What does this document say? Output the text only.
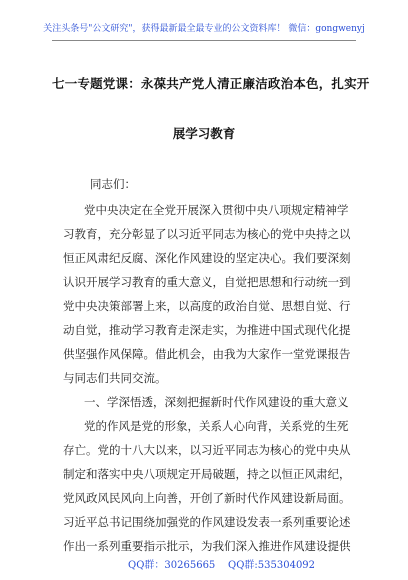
关注头条号"公文研究"，获得最新最全最专业的公文资料库！ 微信：gongwenyj
七一专题党课：永葆共产党人清正廉洁政治本色，扎实开
展学习教育
同志们：
党中央决定在全党开展深入贯彻中央八项规定精神学
习教育，充分彰显了以习近平同志为核心的党中央持之以
恒正风肃纪反腐、深化作风建设的坚定决心。我们要深刻
认识开展学习教育的重大意义，自觉把思想和行动统一到
党中央决策部署上来，以高度的政治自觉、思想自觉、行
动自觉，推动学习教育走深走实，为推进中国式现代化提
供坚强作风保障。借此机会，由我为大家作一堂党课报告
与同志们共同交流。
一、学深悟透，深刻把握新时代作风建设的重大意义
党的作风是党的形象，关系人心向背，关系党的生死
存亡。党的十八大以来，以习近平同志为核心的党中央从
制定和落实中央八项规定开局破题，持之以恒正风肃纪，
党风政风民风向上向善，开创了新时代作风建设新局面。
习近平总书记围绕加强党的作风建设发表一系列重要论述
作出一系列重要指示批示，为我们深入推进作风建设提供
QQ群：30265665 QQ群:535304092
